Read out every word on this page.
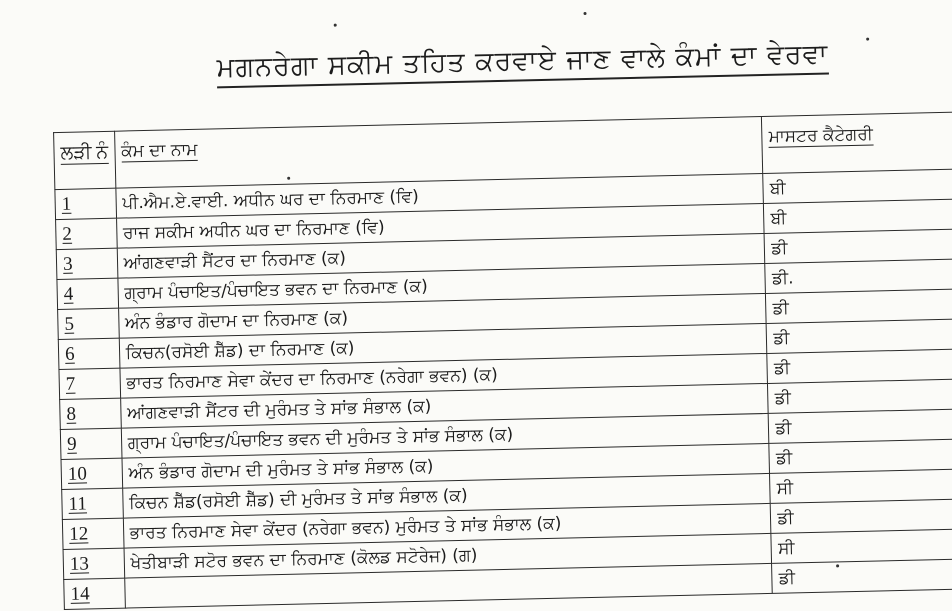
ਮਗਨਰੇਗਾ ਸਕੀਮ ਤਹਿਤ ਕਰਵਾਏ ਜਾਣ ਵਾਲੇ ਕੰਮਾਂ ਦਾ ਵੇਰਵਾ
ਲੜੀ ਨੰ	ਕੰਮ ਦਾ ਨਾਮ	ਮਾਸਟਰ ਕੈਟੇਗਰੀ
1	ਪੀ.ਐਮ.ਏ.ਵਾਈ. ਅਧੀਨ ਘਰ ਦਾ ਨਿਰਮਾਣ (ਵਿ)	ਬੀ
2	ਰਾਜ ਸਕੀਮ ਅਧੀਨ ਘਰ ਦਾ ਨਿਰਮਾਣ (ਵਿ)	ਬੀ
3	ਆਂਗਣਵਾੜੀ ਸੈਂਟਰ ਦਾ ਨਿਰਮਾਣ (ਕ)	ਡੀ
4	ਗ੍ਰਾਮ ਪੰਚਾਇਤ/ਪੰਚਾਇਤ ਭਵਨ ਦਾ ਨਿਰਮਾਣ (ਕ)	ਡੀ.
5	ਅੰਨ ਭੰਡਾਰ ਗੋਦਾਮ ਦਾ ਨਿਰਮਾਣ (ਕ)	ਡੀ
6	ਕਿਚਨ(ਰਸੋਈ ਸ਼ੈੱਡ) ਦਾ ਨਿਰਮਾਣ (ਕ)	ਡੀ
7	ਭਾਰਤ ਨਿਰਮਾਣ ਸੇਵਾ ਕੇਂਦਰ ਦਾ ਨਿਰਮਾਣ (ਨਰੇਗਾ ਭਵਨ) (ਕ)	ਡੀ
8	ਆਂਗਣਵਾੜੀ ਸੈਂਟਰ ਦੀ ਮੁਰੰਮਤ ਤੇ ਸਾਂਭ ਸੰਭਾਲ (ਕ)	ਡੀ
9	ਗ੍ਰਾਮ ਪੰਚਾਇਤ/ਪੰਚਾਇਤ ਭਵਨ ਦੀ ਮੁਰੰਮਤ ਤੇ ਸਾਂਭ ਸੰਭਾਲ (ਕ)	ਡੀ
10	ਅੰਨ ਭੰਡਾਰ ਗੋਦਾਮ ਦੀ ਮੁਰੰਮਤ ਤੇ ਸਾਂਭ ਸੰਭਾਲ (ਕ)	ਡੀ
11	ਕਿਚਨ ਸ਼ੈੱਡ(ਰਸੋਈ ਸ਼ੈੱਡ) ਦੀ ਮੁਰੰਮਤ ਤੇ ਸਾਂਭ ਸੰਭਾਲ (ਕ)	ਸੀ
12	ਭਾਰਤ ਨਿਰਮਾਣ ਸੇਵਾ ਕੇਂਦਰ (ਨਰੇਗਾ ਭਵਨ) ਮੁਰੰਮਤ ਤੇ ਸਾਂਭ ਸੰਭਾਲ (ਕ)	ਡੀ
13	ਖੇਤੀਬਾੜੀ ਸਟੋਰ ਭਵਨ ਦਾ ਨਿਰਮਾਣ (ਕੋਲਡ ਸਟੋਰੇਜ) (ਗ)	ਸੀ
14		ਡੀ
